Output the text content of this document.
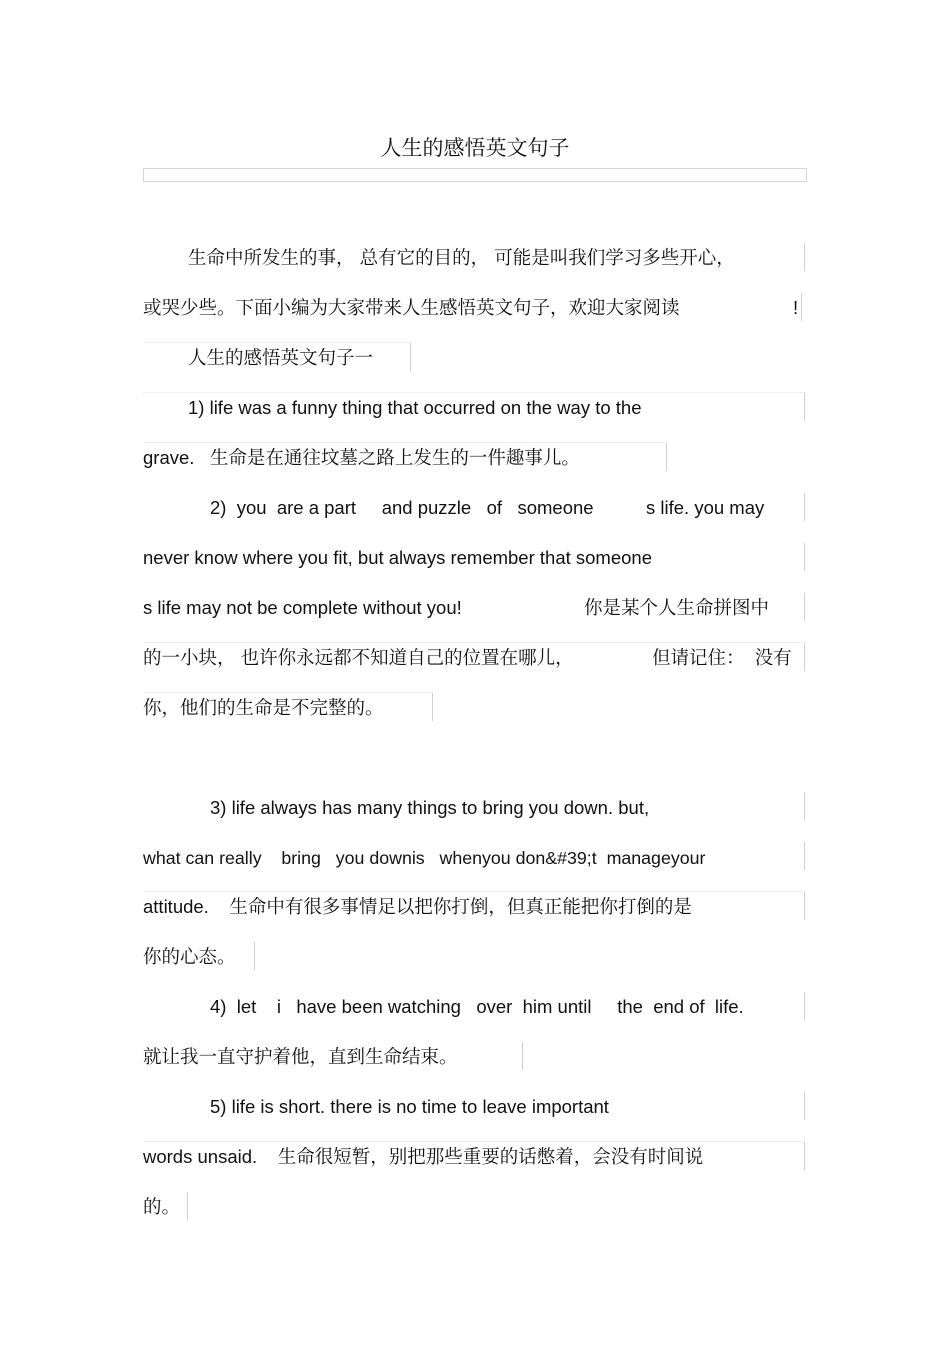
人生的感悟英文句子
生命中所发生的事， 总有它的目的， 可能是叫我们学习多些开心，
或哭少些。下面小编为大家带来人生感悟英文句子，欢迎大家阅读	!
人生的感悟英文句子一
1) life was a funny thing that occurred on the way to the
grave.   生命是在通往坟墓之路上发生的一件趣事儿。
2)  you  are a part     and puzzle   of   someone	s life. you may
never know where you fit, but always remember that someone
s life may not be complete without you!	你是某个人生命拼图中
的一小块， 也许你永远都不知道自己的位置在哪儿，	但请记住：  没有
你，他们的生命是不完整的。
3) life always has many things to bring you down. but,
what can really    bring   you downis   whenyou don&#39;t  manageyour
attitude.    生命中有很多事情足以把你打倒，但真正能把你打倒的是
你的心态。
4)  let    i   have been watching   over  him until     the  end of  life.
就让我一直守护着他，直到生命结束。
5) life is short. there is no time to leave important
words unsaid.    生命很短暂，别把那些重要的话憋着，会没有时间说
的。
